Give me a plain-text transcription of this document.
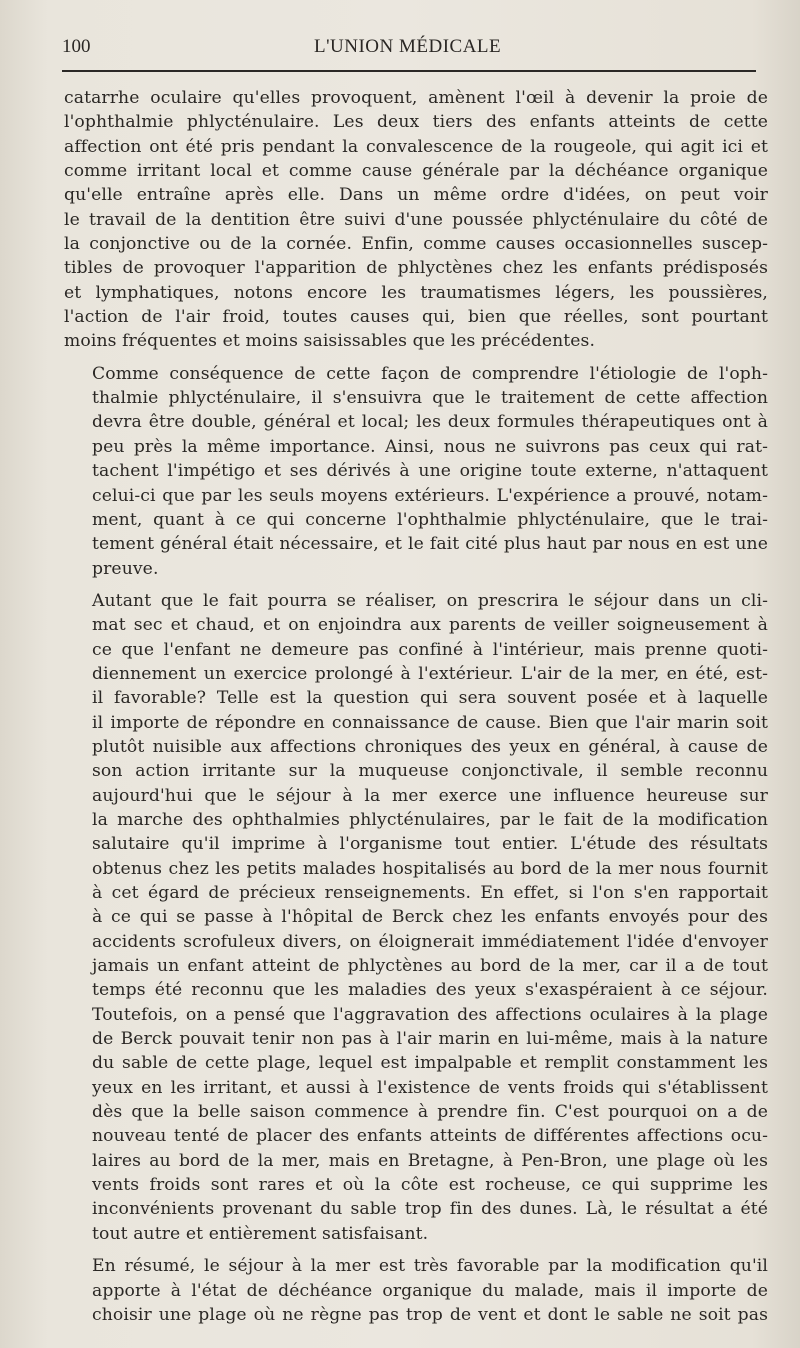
100	L'UNION MÉDICALE

catarrhe oculaire qu'elles provoquent, amènent l'œil à devenir la proie de
l'ophthalmie phlycténulaire. Les deux tiers des enfants atteints de cette
affection ont été pris pendant la convalescence de la rougeole, qui agit ici et
comme irritant local et comme cause générale par la déchéance organique
qu'elle entraîne après elle. Dans un même ordre d'idées, on peut voir
le travail de la dentition être suivi d'une poussée phlycténulaire du côté de
la conjonctive ou de la cornée. Enfin, comme causes occasionnelles suscep-
tibles de provoquer l'apparition de phlyctènes chez les enfants prédisposés
et lymphatiques, notons encore les traumatismes légers, les poussières,
l'action de l'air froid, toutes causes qui, bien que réelles, sont pourtant
moins fréquentes et moins saisissables que les précédentes.

Comme conséquence de cette façon de comprendre l'étiologie de l'oph-
thalmie phlycténulaire, il s'ensuivra que le traitement de cette affection
devra être double, général et local; les deux formules thérapeutiques ont à
peu près la même importance. Ainsi, nous ne suivrons pas ceux qui rat-
tachent l'impétigo et ses dérivés à une origine toute externe, n'attaquent
celui-ci que par les seuls moyens extérieurs. L'expérience a prouvé, notam-
ment, quant à ce qui concerne l'ophthalmie phlycténulaire, que le trai-
tement général était nécessaire, et le fait cité plus haut par nous en est une
preuve.

Autant que le fait pourra se réaliser, on prescrira le séjour dans un cli-
mat sec et chaud, et on enjoindra aux parents de veiller soigneusement à
ce que l'enfant ne demeure pas confiné à l'intérieur, mais prenne quoti-
diennement un exercice prolongé à l'extérieur. L'air de la mer, en été, est-
il favorable? Telle est la question qui sera souvent posée et à laquelle
il importe de répondre en connaissance de cause. Bien que l'air marin soit
plutôt nuisible aux affections chroniques des yeux en général, à cause de
son action irritante sur la muqueuse conjonctivale, il semble reconnu
aujourd'hui que le séjour à la mer exerce une influence heureuse sur
la marche des ophthalmies phlycténulaires, par le fait de la modification
salutaire qu'il imprime à l'organisme tout entier. L'étude des résultats
obtenus chez les petits malades hospitalisés au bord de la mer nous fournit
à cet égard de précieux renseignements. En effet, si l'on s'en rapportait
à ce qui se passe à l'hôpital de Berck chez les enfants envoyés pour des
accidents scrofuleux divers, on éloignerait immédiatement l'idée d'envoyer
jamais un enfant atteint de phlyctènes au bord de la mer, car il a de tout
temps été reconnu que les maladies des yeux s'exaspéraient à ce séjour.
Toutefois, on a pensé que l'aggravation des affections oculaires à la plage
de Berck pouvait tenir non pas à l'air marin en lui-même, mais à la nature
du sable de cette plage, lequel est impalpable et remplit constamment les
yeux en les irritant, et aussi à l'existence de vents froids qui s'établissent
dès que la belle saison commence à prendre fin. C'est pourquoi on a de
nouveau tenté de placer des enfants atteints de différentes affections ocu-
laires au bord de la mer, mais en Bretagne, à Pen-Bron, une plage où les
vents froids sont rares et où la côte est rocheuse, ce qui supprime les
inconvénients provenant du sable trop fin des dunes. Là, le résultat a été
tout autre et entièrement satisfaisant.

En résumé, le séjour à la mer est très favorable par la modification qu'il
apporte à l'état de déchéance organique du malade, mais il importe de
choisir une plage où ne règne pas trop de vent et dont le sable ne soit pas
